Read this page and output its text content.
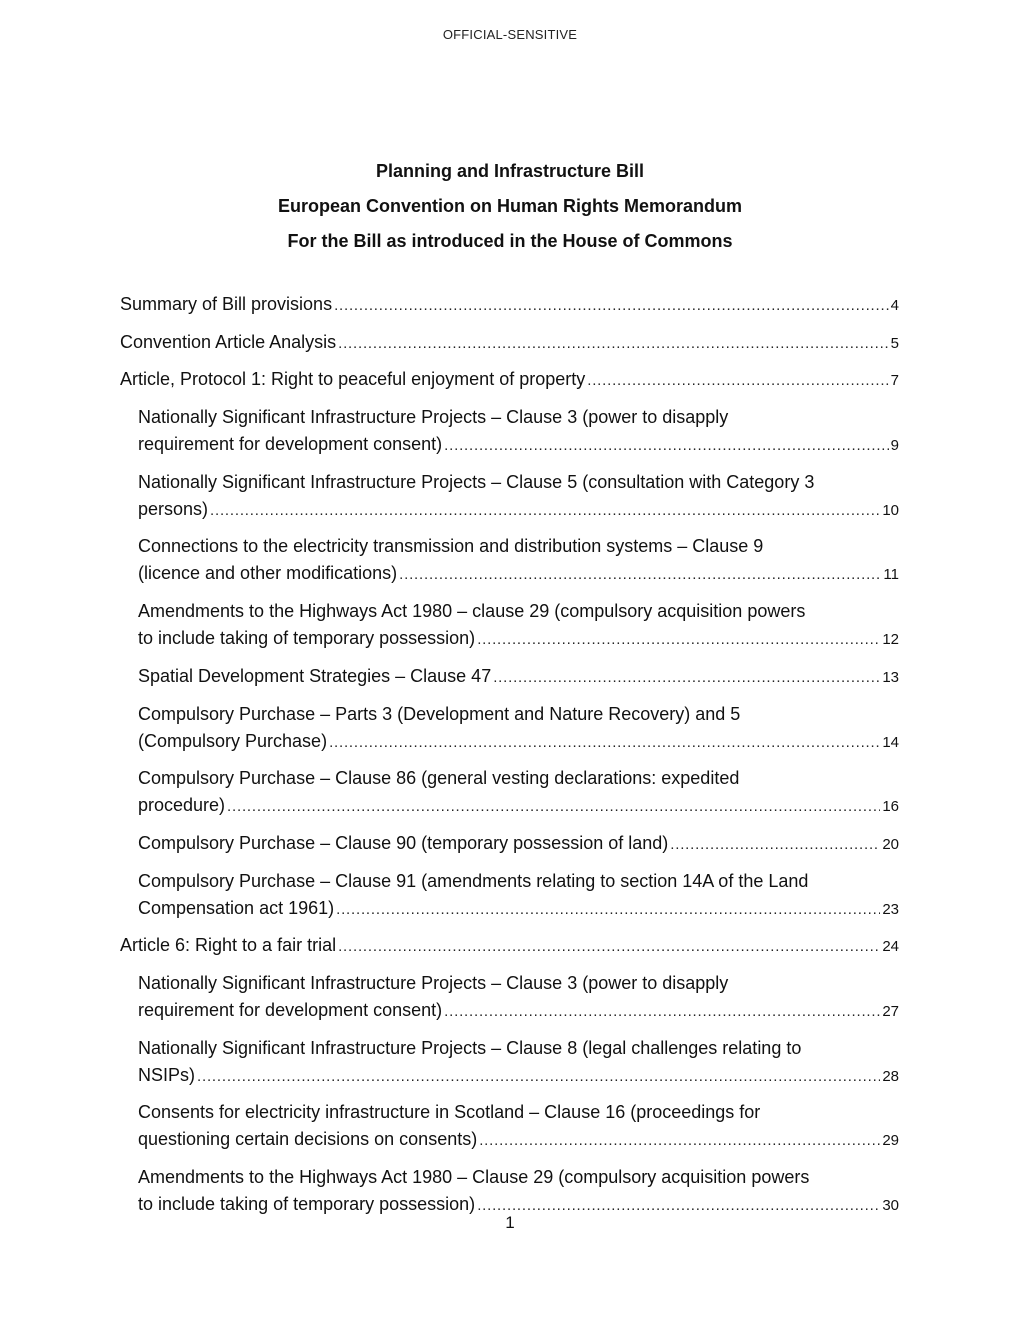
OFFICIAL-SENSITIVE
Planning and Infrastructure Bill
European Convention on Human Rights Memorandum
For the Bill as introduced in the House of Commons
Summary of Bill provisions .....	4
Convention Article Analysis .....	5
Article, Protocol 1: Right to peaceful enjoyment of property .....	7
Nationally Significant Infrastructure Projects – Clause 3 (power to disapply
requirement for development consent) .....	9
Nationally Significant Infrastructure Projects – Clause 5 (consultation with Category 3
persons) .....	10
Connections to the electricity transmission and distribution systems – Clause 9
(licence and other modifications) .....	11
Amendments to the Highways Act 1980 – clause 29 (compulsory acquisition powers
to include taking of temporary possession) .....	12
Spatial Development Strategies – Clause 47 .....	13
Compulsory Purchase – Parts 3 (Development and Nature Recovery) and 5
(Compulsory Purchase) .....	14
Compulsory Purchase – Clause 86 (general vesting declarations: expedited
procedure) .....	16
Compulsory Purchase – Clause 90 (temporary possession of land) .....	20
Compulsory Purchase – Clause 91 (amendments relating to section 14A of the Land
Compensation act 1961) .....	23
Article 6: Right to a fair trial .....	24
Nationally Significant Infrastructure Projects – Clause 3 (power to disapply
requirement for development consent) .....	27
Nationally Significant Infrastructure Projects – Clause 8 (legal challenges relating to
NSIPs) .....	28
Consents for electricity infrastructure in Scotland – Clause 16 (proceedings for
questioning certain decisions on consents) .....	29
Amendments to the Highways Act 1980 – Clause 29 (compulsory acquisition powers
to include taking of temporary possession) .....	30
1
